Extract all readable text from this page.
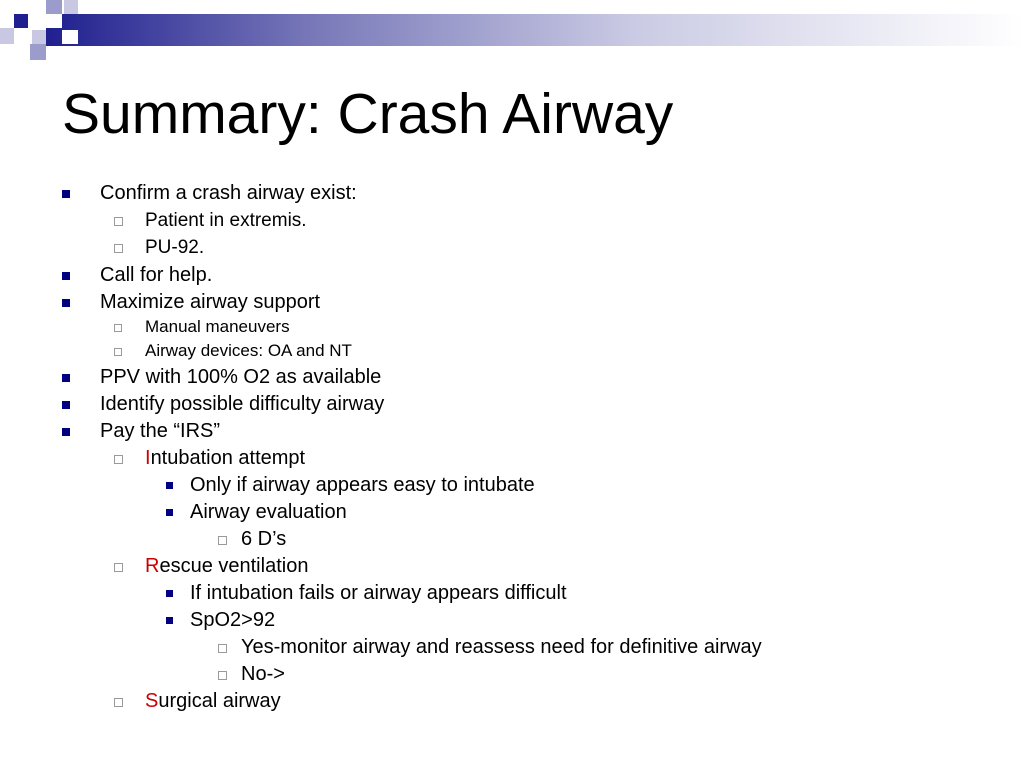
Summary: Crash Airway
Confirm a crash airway exist:
Patient in extremis.
PU-92.
Call for help.
Maximize airway support
Manual maneuvers
Airway devices: OA and NT
PPV with 100% O2 as available
Identify possible difficulty airway
Pay the “IRS”
Intubation attempt
Only if airway appears easy to intubate
Airway evaluation
6 D’s
Rescue ventilation
If intubation fails or airway appears difficult
SpO2>92
Yes-monitor airway and reassess need for definitive airway
No->
Surgical airway
